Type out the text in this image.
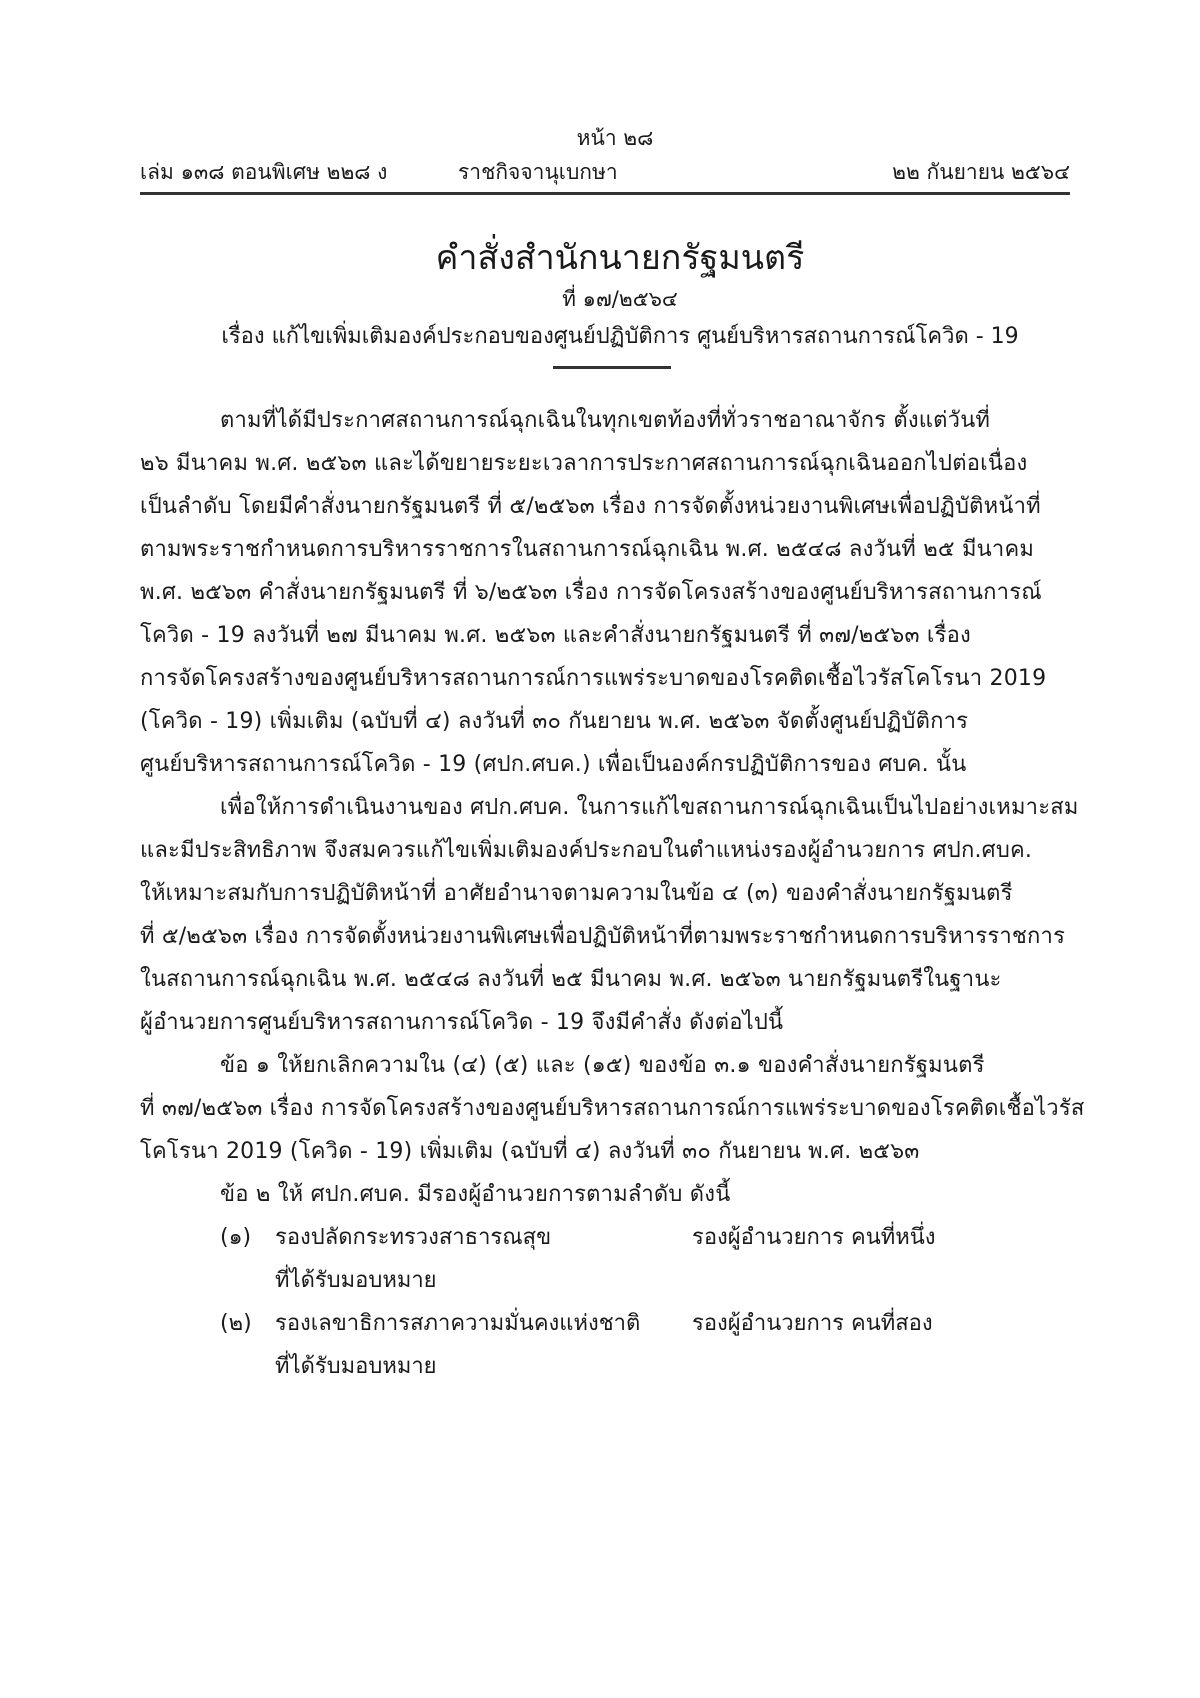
หน้า ๒๘
เล่ม ๑๓๘ ตอนพิเศษ ๒๒๘ ง	ราชกิจจานุเบกษา	๒๒ กันยายน ๒๕๖๔
คำสั่งสำนักนายกรัฐมนตรี
ที่ ๑๗/๒๕๖๔
เรื่อง แก้ไขเพิ่มเติมองค์ประกอบของศูนย์ปฏิบัติการ ศูนย์บริหารสถานการณ์โควิด - 19
ตามที่ได้มีประกาศสถานการณ์ฉุกเฉินในทุกเขตท้องที่ทั่วราชอาณาจักร ตั้งแต่วันที่
๒๖ มีนาคม พ.ศ. ๒๕๖๓ และได้ขยายระยะเวลาการประกาศสถานการณ์ฉุกเฉินออกไปต่อเนื่อง
เป็นลำดับ โดยมีคำสั่งนายกรัฐมนตรี ที่ ๕/๒๕๖๓ เรื่อง การจัดตั้งหน่วยงานพิเศษเพื่อปฏิบัติหน้าที่
ตามพระราชกำหนดการบริหารราชการในสถานการณ์ฉุกเฉิน พ.ศ. ๒๕๔๘ ลงวันที่ ๒๕ มีนาคม
พ.ศ. ๒๕๖๓ คำสั่งนายกรัฐมนตรี ที่ ๖/๒๕๖๓ เรื่อง การจัดโครงสร้างของศูนย์บริหารสถานการณ์
โควิด - 19 ลงวันที่ ๒๗ มีนาคม พ.ศ. ๒๕๖๓ และคำสั่งนายกรัฐมนตรี ที่ ๓๗/๒๕๖๓ เรื่อง
การจัดโครงสร้างของศูนย์บริหารสถานการณ์การแพร่ระบาดของโรคติดเชื้อไวรัสโคโรนา 2019
(โควิด - 19) เพิ่มเติม (ฉบับที่ ๔) ลงวันที่ ๓๐ กันยายน พ.ศ. ๒๕๖๓ จัดตั้งศูนย์ปฏิบัติการ
ศูนย์บริหารสถานการณ์โควิด - 19 (ศปก.ศบค.) เพื่อเป็นองค์กรปฏิบัติการของ ศบค. นั้น
เพื่อให้การดำเนินงานของ ศปก.ศบค. ในการแก้ไขสถานการณ์ฉุกเฉินเป็นไปอย่างเหมาะสม
และมีประสิทธิภาพ จึงสมควรแก้ไขเพิ่มเติมองค์ประกอบในตำแหน่งรองผู้อำนวยการ ศปก.ศบค.
ให้เหมาะสมกับการปฏิบัติหน้าที่ อาศัยอำนาจตามความในข้อ ๔ (๓) ของคำสั่งนายกรัฐมนตรี
ที่ ๕/๒๕๖๓ เรื่อง การจัดตั้งหน่วยงานพิเศษเพื่อปฏิบัติหน้าที่ตามพระราชกำหนดการบริหารราชการ
ในสถานการณ์ฉุกเฉิน พ.ศ. ๒๕๔๘ ลงวันที่ ๒๕ มีนาคม พ.ศ. ๒๕๖๓ นายกรัฐมนตรีในฐานะ
ผู้อำนวยการศูนย์บริหารสถานการณ์โควิด - 19 จึงมีคำสั่ง ดังต่อไปนี้
ข้อ ๑ ให้ยกเลิกความใน (๔) (๕) และ (๑๕) ของข้อ ๓.๑ ของคำสั่งนายกรัฐมนตรี
ที่ ๓๗/๒๕๖๓ เรื่อง การจัดโครงสร้างของศูนย์บริหารสถานการณ์การแพร่ระบาดของโรคติดเชื้อไวรัส
โคโรนา 2019 (โควิด - 19) เพิ่มเติม (ฉบับที่ ๔) ลงวันที่ ๓๐ กันยายน พ.ศ. ๒๕๖๓
ข้อ ๒ ให้ ศปก.ศบค. มีรองผู้อำนวยการตามลำดับ ดังนี้
(๑) รองปลัดกระทรวงสาธารณสุข	รองผู้อำนวยการ คนที่หนึ่ง
ที่ได้รับมอบหมาย
(๒) รองเลขาธิการสภาความมั่นคงแห่งชาติ รองผู้อำนวยการ คนที่สอง
ที่ได้รับมอบหมาย
